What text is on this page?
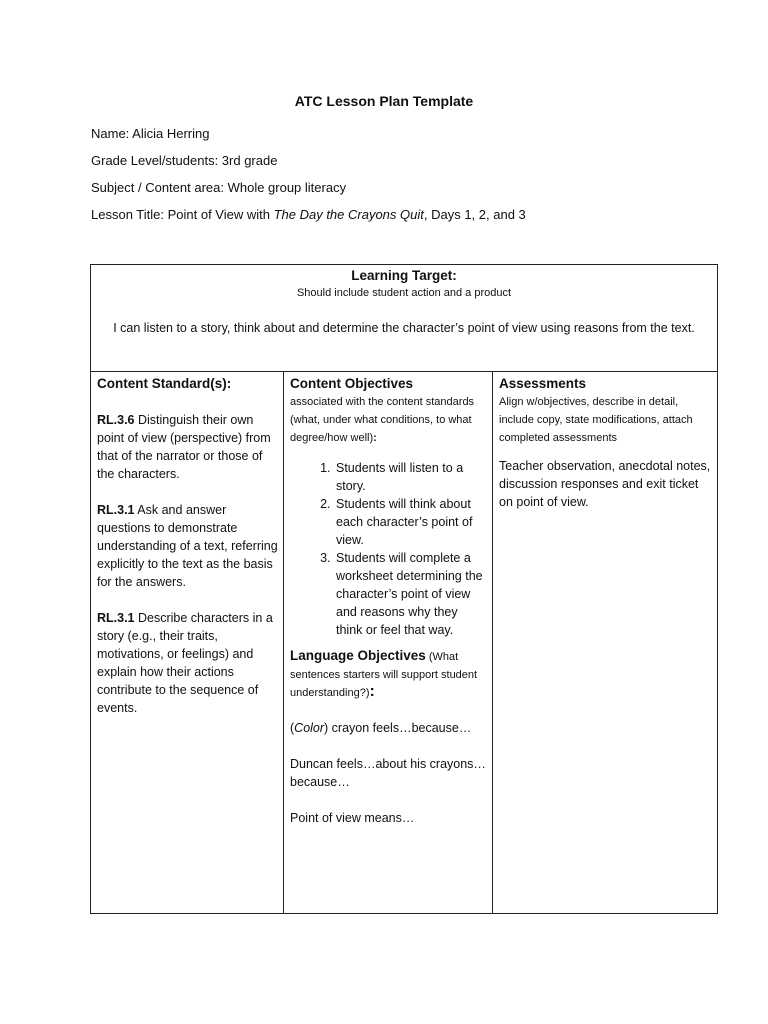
ATC Lesson Plan Template
Name: Alicia Herring
Grade Level/students: 3rd grade
Subject / Content area: Whole group literacy
Lesson Title: Point of View with The Day the Crayons Quit, Days 1, 2, and 3
Learning Target:
Should include student action and a product
I can listen to a story, think about and determine the character’s point of view using reasons from the text.
Content Standard(s):
RL.3.6 Distinguish their own point of view (perspective) from that of the narrator or those of the characters.
RL.3.1 Ask and answer questions to demonstrate understanding of a text, referring explicitly to the text as the basis for the answers.
RL.3.1 Describe characters in a story (e.g., their traits, motivations, or feelings) and explain how their actions contribute to the sequence of events.
Content Objectives
associated with the content standards (what, under what conditions, to what degree/how well):
1. Students will listen to a story.
2. Students will think about each character’s point of view.
3. Students will complete a worksheet determining the character’s point of view and reasons why they think or feel that way.
Language Objectives (What sentences starters will support student understanding?):
(Color) crayon feels…because…
Duncan feels…about his crayons…because…
Point of view means…
Assessments
Align w/objectives, describe in detail, include copy, state modifications, attach completed assessments
Teacher observation, anecdotal notes, discussion responses and exit ticket on point of view.
